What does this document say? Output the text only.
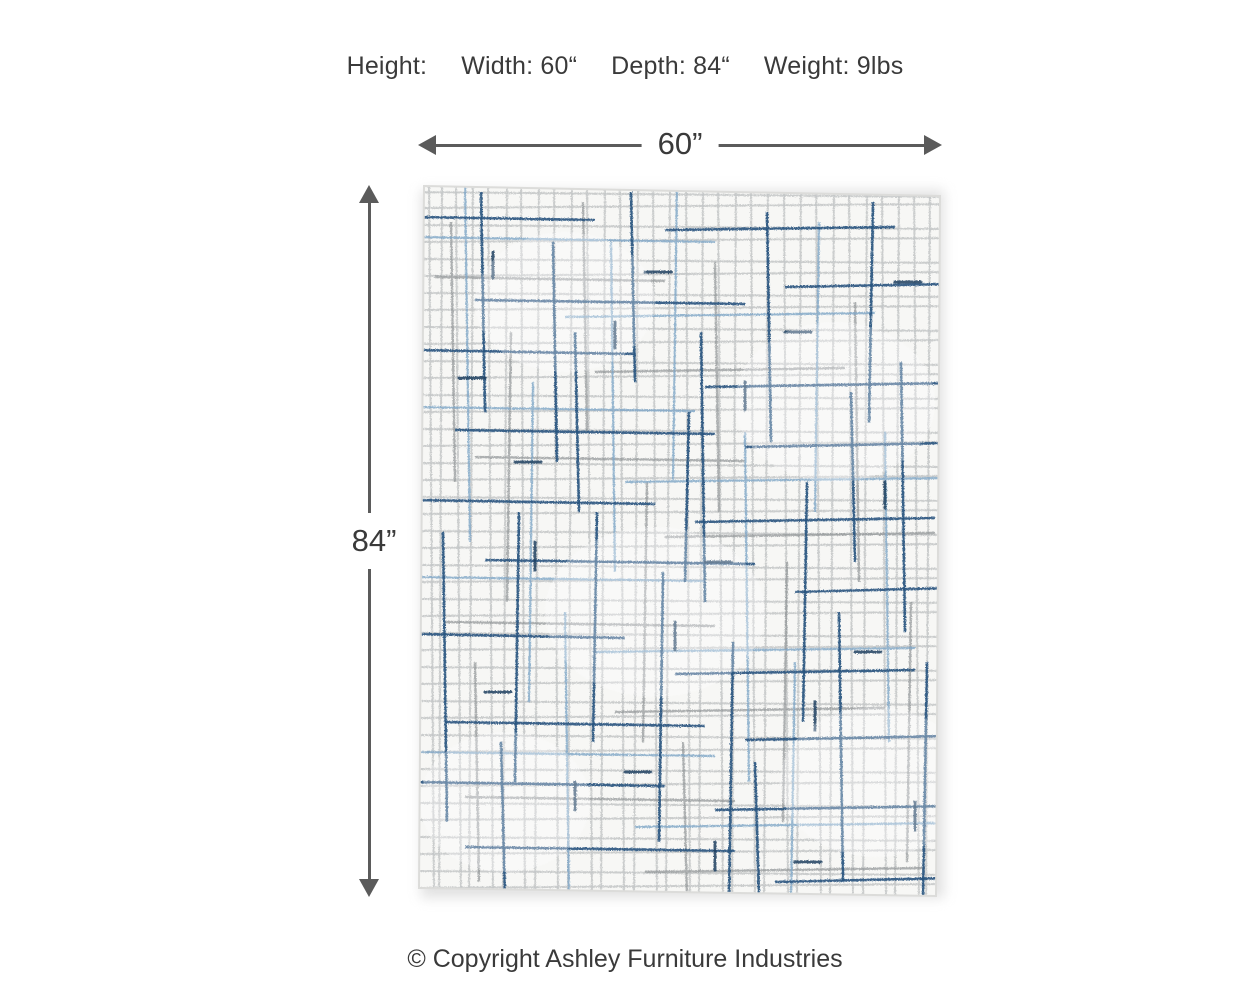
Height: Width: 60“ Depth: 84“ Weight: 9lbs
60”
84”
© Copyright Ashley Furniture Industries
